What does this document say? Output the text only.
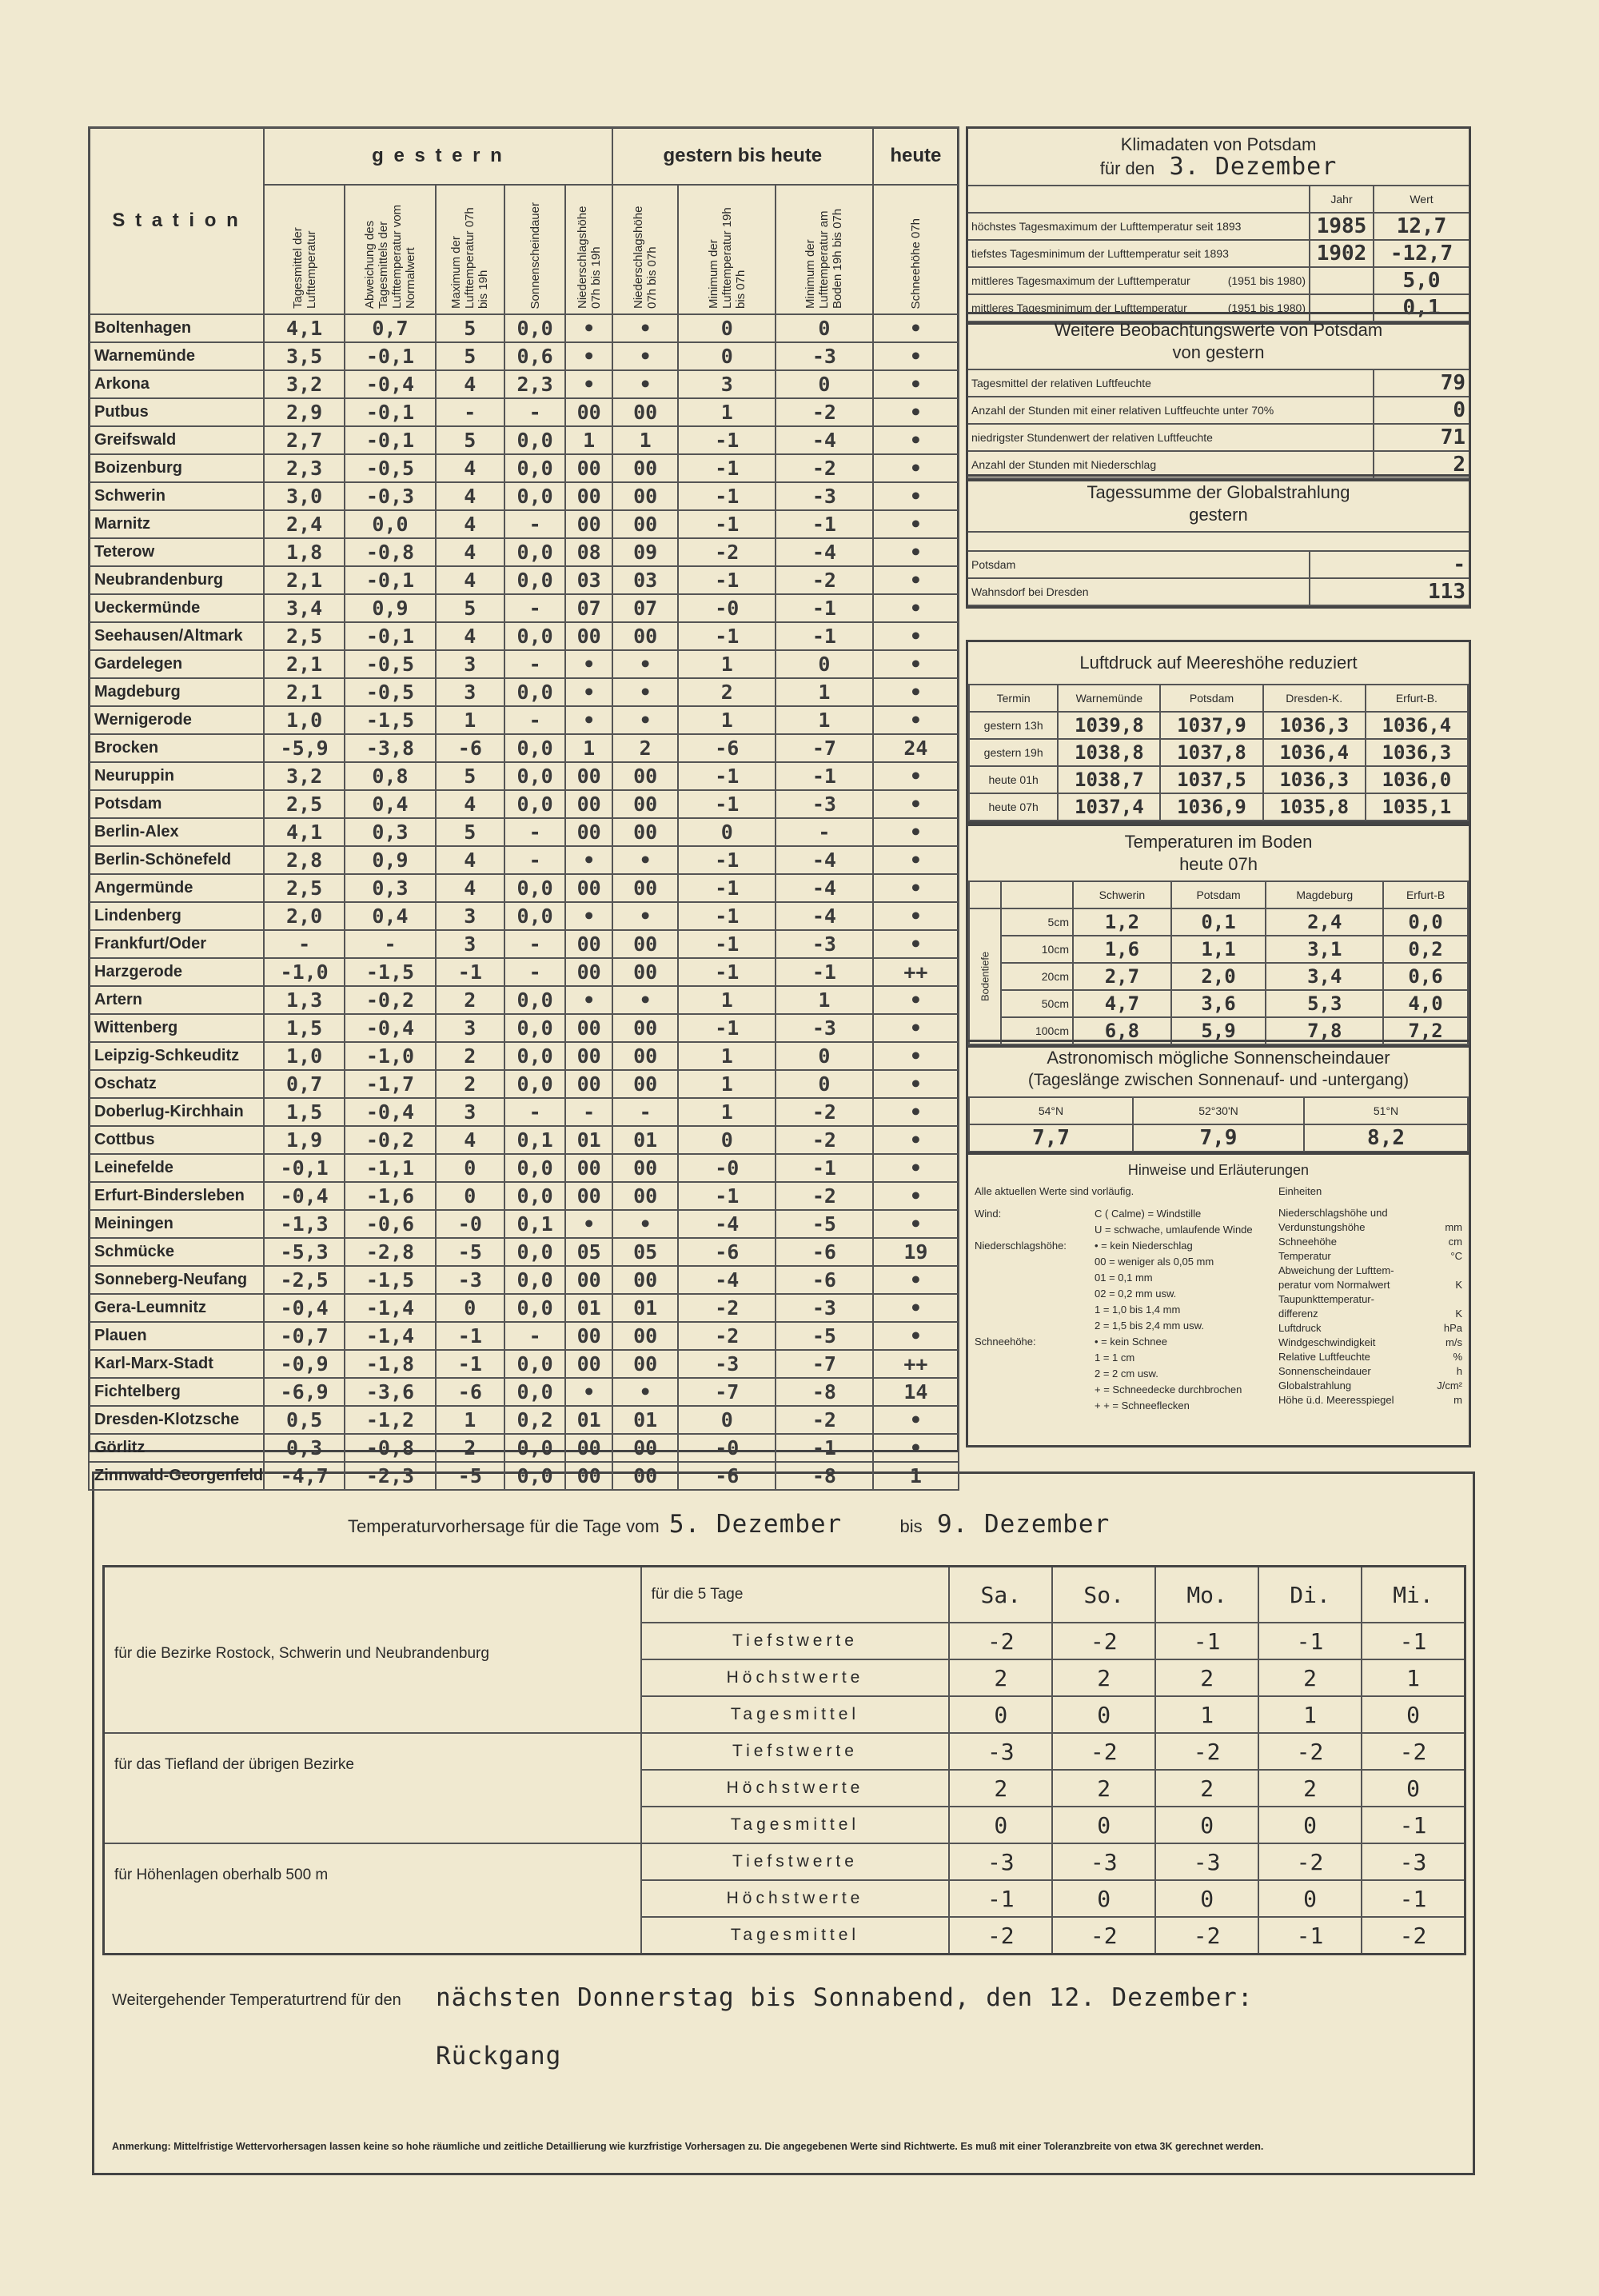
S t a t i o n	g e s t e r n					gestern bis heute			heute

	Tagesmittel der Lufttemperatur	Abweichung des Tagesmittels der Lufttemperatur vom Normalwert	Maximum der Lufttemperatur 07h bis 19h	Sonnenscheindauer	Niederschlagshöhe 07h bis 19h	Niederschlagshöhe 07h bis 07h	Minimum der Lufttemperatur 19h bis 07h	Minimum der Lufttemperatur am Boden 19h bis 07h	Schneehöhe 07h

Boltenhagen	4,1	0,7	5	0,0	•	•	0	0	•
Warnemünde	3,5	-0,1	5	0,6	•	•	0	-3	•
Arkona	3,2	-0,4	4	2,3	•	•	3	0	•
Putbus	2,9	-0,1	-	-	00	00	1	-2	•
Greifswald	2,7	-0,1	5	0,0	1	1	-1	-4	•
Boizenburg	2,3	-0,5	4	0,0	00	00	-1	-2	•
Schwerin	3,0	-0,3	4	0,0	00	00	-1	-3	•
Marnitz	2,4	0,0	4	-	00	00	-1	-1	•
Teterow	1,8	-0,8	4	0,0	08	09	-2	-4	•
Neubrandenburg	2,1	-0,1	4	0,0	03	03	-1	-2	•
Ueckermünde	3,4	0,9	5	-	07	07	-0	-1	•
Seehausen/Altmark	2,5	-0,1	4	0,0	00	00	-1	-1	•
Gardelegen	2,1	-0,5	3	-	•	•	1	0	•
Magdeburg	2,1	-0,5	3	0,0	•	•	2	1	•
Wernigerode	1,0	-1,5	1	-	•	•	1	1	•
Brocken	-5,9	-3,8	-6	0,0	1	2	-6	-7	24
Neuruppin	3,2	0,8	5	0,0	00	00	-1	-1	•
Potsdam	2,5	0,4	4	0,0	00	00	-1	-3	•
Berlin-Alex	4,1	0,3	5	-	00	00	0	-	•
Berlin-Schönefeld	2,8	0,9	4	-	•	•	-1	-4	•
Angermünde	2,5	0,3	4	0,0	00	00	-1	-4	•
Lindenberg	2,0	0,4	3	0,0	•	•	-1	-4	•
Frankfurt/Oder	-	-	3	-	00	00	-1	-3	•
Harzgerode	-1,0	-1,5	-1	-	00	00	-1	-1	++
Artern	1,3	-0,2	2	0,0	•	•	1	1	•
Wittenberg	1,5	-0,4	3	0,0	00	00	-1	-3	•
Leipzig-Schkeuditz	1,0	-1,0	2	0,0	00	00	1	0	•
Oschatz	0,7	-1,7	2	0,0	00	00	1	0	•
Doberlug-Kirchhain	1,5	-0,4	3	-	-	-	1	-2	•
Cottbus	1,9	-0,2	4	0,1	01	01	0	-2	•
Leinefelde	-0,1	-1,1	0	0,0	00	00	-0	-1	•
Erfurt-Bindersleben	-0,4	-1,6	0	0,0	00	00	-1	-2	•
Meiningen	-1,3	-0,6	-0	0,1	•	•	-4	-5	•
Schmücke	-5,3	-2,8	-5	0,0	05	05	-6	-6	19
Sonneberg-Neufang	-2,5	-1,5	-3	0,0	00	00	-4	-6	•
Gera-Leumnitz	-0,4	-1,4	0	0,0	01	01	-2	-3	•
Plauen	-0,7	-1,4	-1	-	00	00	-2	-5	•
Karl-Marx-Stadt	-0,9	-1,8	-1	0,0	00	00	-3	-7	++
Fichtelberg	-6,9	-3,6	-6	0,0	•	•	-7	-8	14
Dresden-Klotzsche	0,5	-1,2	1	0,2	01	01	0	-2	•
Görlitz	0,3	-0,8	2	0,0	00	00	-0	-1	•
Zinnwald-Georgenfeld	-4,7	-2,3	-5	0,0	00	00	-6	-8	1
Klimadaten von Potsdam
für den 3. Dezember
	Jahr	Wert
höchstes Tagesmaximum der Lufttemperatur seit 1893	1985	12,7
tiefstes Tagesminimum der Lufttemperatur seit 1893	1902	-12,7
mittleres Tagesmaximum der Lufttemperatur (1951 bis 1980)		5,0
mittleres Tagesminimum der Lufttemperatur (1951 bis 1980)		0,1
Weitere Beobachtungswerte von Potsdam
von gestern
Tagesmittel der relativen Luftfeuchte	79
Anzahl der Stunden mit einer relativen Luftfeuchte unter 70%	0
niedrigster Stundenwert der relativen Luftfeuchte	71
Anzahl der Stunden mit Niederschlag	2
Tagessumme der Globalstrahlung
gestern
Potsdam	-
Wahnsdorf bei Dresden	113
Luftdruck auf Meereshöhe reduziert
Termin	Warnemünde	Potsdam	Dresden-K.	Erfurt-B.
gestern 13h	1039,8	1037,9	1036,3	1036,4
gestern 19h	1038,8	1037,8	1036,4	1036,3
heute 01h	1038,7	1037,5	1036,3	1036,0
heute 07h	1037,4	1036,9	1035,8	1035,1
Temperaturen im Boden
heute 07h
		Schwerin	Potsdam	Magdeburg	Erfurt-B
Bodentiefe	5cm	1,2	0,1	2,4	0,0
	10cm	1,6	1,1	3,1	0,2
	20cm	2,7	2,0	3,4	0,6
	50cm	4,7	3,6	5,3	4,0
	100cm	6,8	5,9	7,8	7,2
Astronomisch mögliche Sonnenscheindauer
(Tageslänge zwischen Sonnenauf- und -untergang)
54°N	52°30'N	51°N
7,7	7,9	8,2
Hinweise und Erläuterungen
Alle aktuellen Werte sind vorläufig.	Einheiten
Wind:	C ( Calme) = Windstille
U = schwache, umlaufende Winde
Niederschlagshöhe:	• = kein Niederschlag
00 = weniger als 0,05 mm
01 = 0,1 mm
02 = 0,2 mm usw.
1 = 1,0 bis 1,4 mm
2 = 1,5 bis 2,4 mm usw.
Schneehöhe:	• = kein Schnee
1 = 1 cm
2 = 2 cm usw.
+ = Schneedecke durchbrochen
+ + = Schneeflecken
Niederschlagshöhe und
Verdunstungshöhe	mm
Schneehöhe	cm
Temperatur	°C
Abweichung der Lufttem-
peratur vom Normalwert	K
Taupunkttemperatur-
differenz	K
Luftdruck	hPa
Windgeschwindigkeit	m/s
Relative Luftfeuchte	%
Sonnenscheindauer	h
Globalstrahlung	J/cm²
Höhe ü.d. Meeresspiegel	m
Temperaturvorhersage für die Tage vom 5. Dezember	bis 9. Dezember
	für die 5 Tage	Sa.	So.	Mo.	Di.	Mi.
für die Bezirke Rostock, Schwerin und Neubrandenburg	Tiefstwerte	-2	-2	-1	-1	-1
	Höchstwerte	2	2	2	2	1
	Tagesmittel	0	0	1	1	0
für das Tiefland der übrigen Bezirke	Tiefstwerte	-3	-2	-2	-2	-2
	Höchstwerte	2	2	2	2	0
	Tagesmittel	0	0	0	0	-1
für Höhenlagen oberhalb 500 m	Tiefstwerte	-3	-3	-3	-2	-3
	Höchstwerte	-1	0	0	0	-1
	Tagesmittel	-2	-2	-2	-1	-2
Weitergehender Temperaturtrend für den nächsten Donnerstag bis Sonnabend, den 12. Dezember:
Rückgang
Anmerkung: Mittelfristige Wettervorhersagen lassen keine so hohe räumliche und zeitliche Detaillierung wie kurzfristige Vorhersagen zu. Die angegebenen Werte sind Richtwerte. Es muß mit einer Toleranzbreite von etwa 3K gerechnet werden.
